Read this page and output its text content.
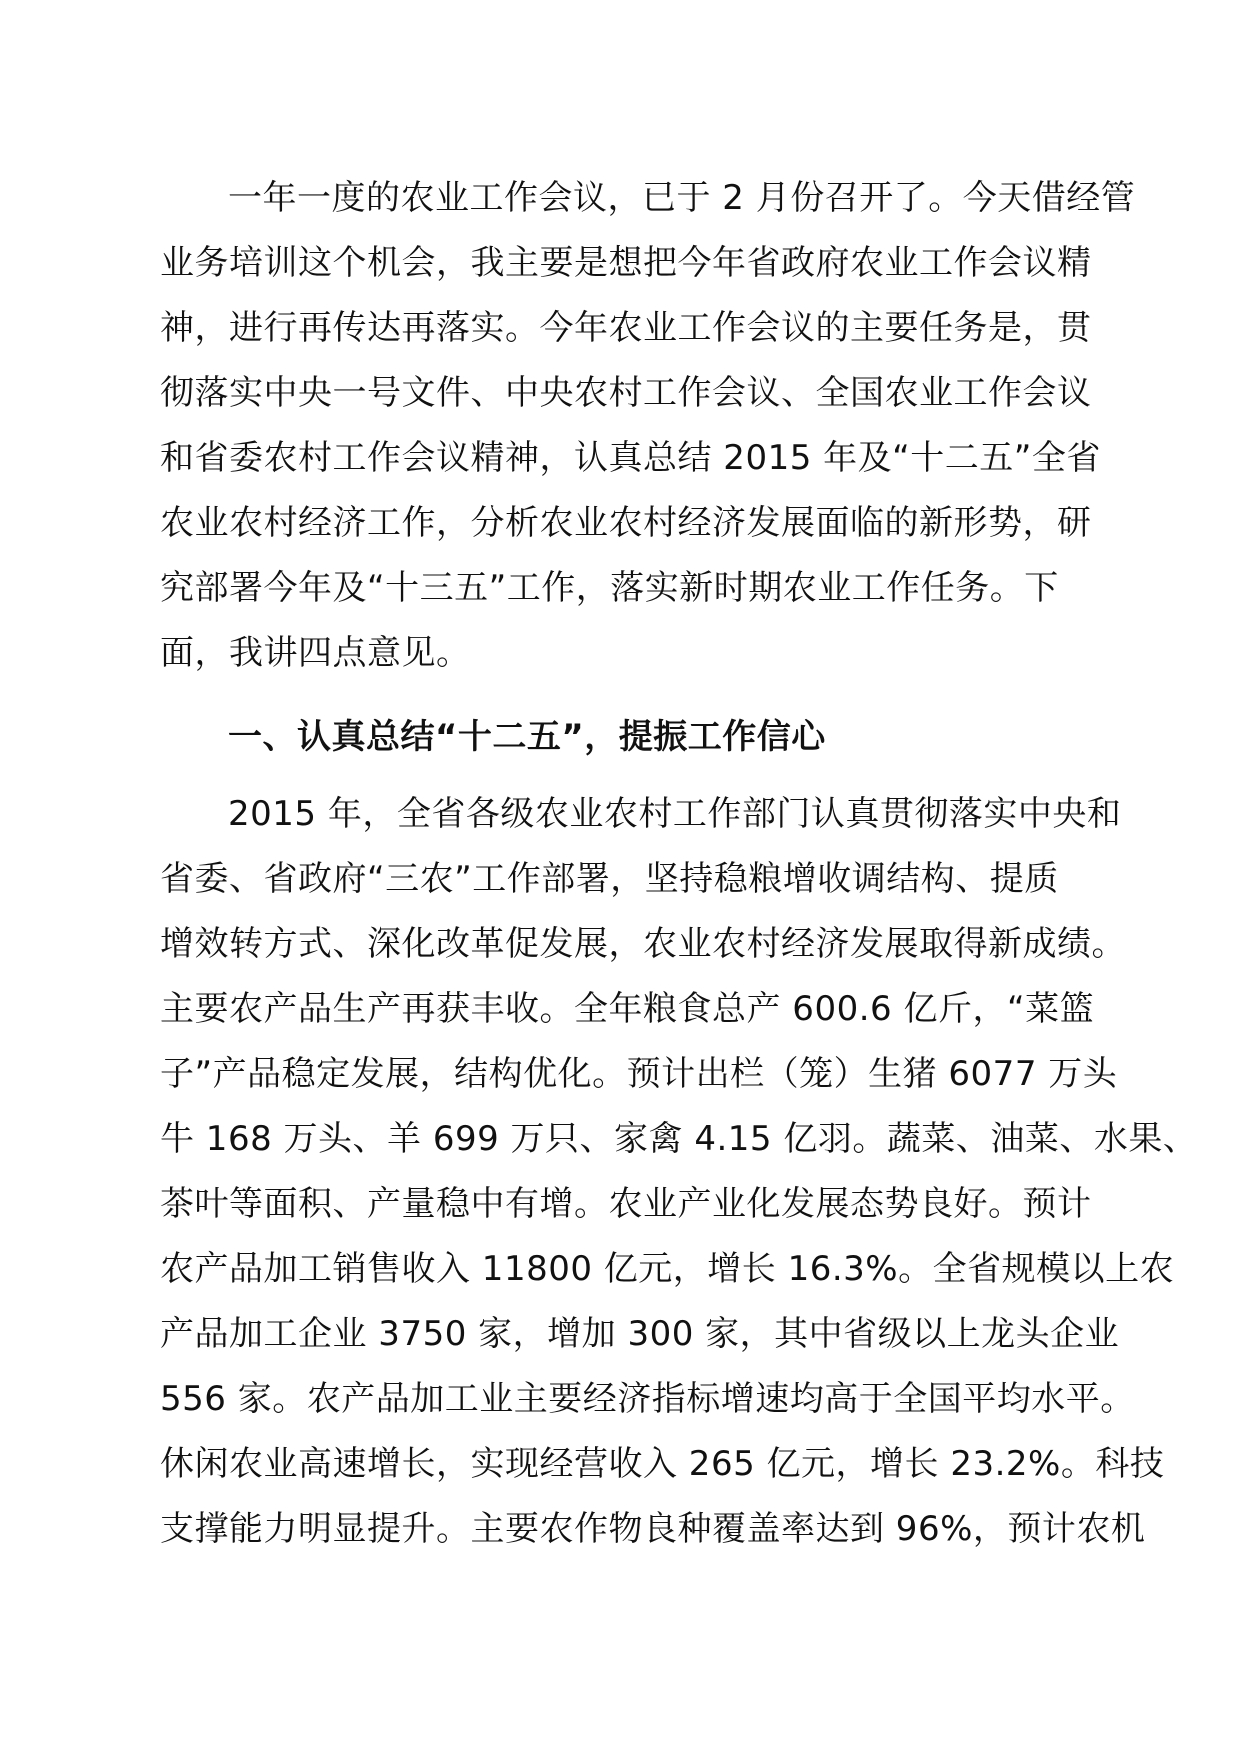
一年一度的农业工作会议，已于 2 月份召开了。今天借经管
业务培训这个机会，我主要是想把今年省政府农业工作会议精
神，进行再传达再落实。今年农业工作会议的主要任务是，贯
彻落实中央一号文件、中央农村工作会议、全国农业工作会议
和省委农村工作会议精神，认真总结 2015 年及“十二五”全省
农业农村经济工作，分析农业农村经济发展面临的新形势，研
究部署今年及“十三五”工作，落实新时期农业工作任务。下
面，我讲四点意见。
一、认真总结“十二五”，提振工作信心
2015 年，全省各级农业农村工作部门认真贯彻落实中央和
省委、省政府“三农”工作部署，坚持稳粮增收调结构、提质
增效转方式、深化改革促发展，农业农村经济发展取得新成绩。
主要农产品生产再获丰收。全年粮食总产 600.6 亿斤，“菜篮
子”产品稳定发展，结构优化。预计出栏（笼）生猪 6077 万头
牛 168 万头、羊 699 万只、家禽 4.15 亿羽。蔬菜、油菜、水果、
茶叶等面积、产量稳中有增。农业产业化发展态势良好。预计
农产品加工销售收入 11800 亿元，增长 16.3%。全省规模以上农
产品加工企业 3750 家，增加 300 家，其中省级以上龙头企业
556 家。农产品加工业主要经济指标增速均高于全国平均水平。
休闲农业高速增长，实现经营收入 265 亿元，增长 23.2%。科技
支撑能力明显提升。主要农作物良种覆盖率达到 96%，预计农机
